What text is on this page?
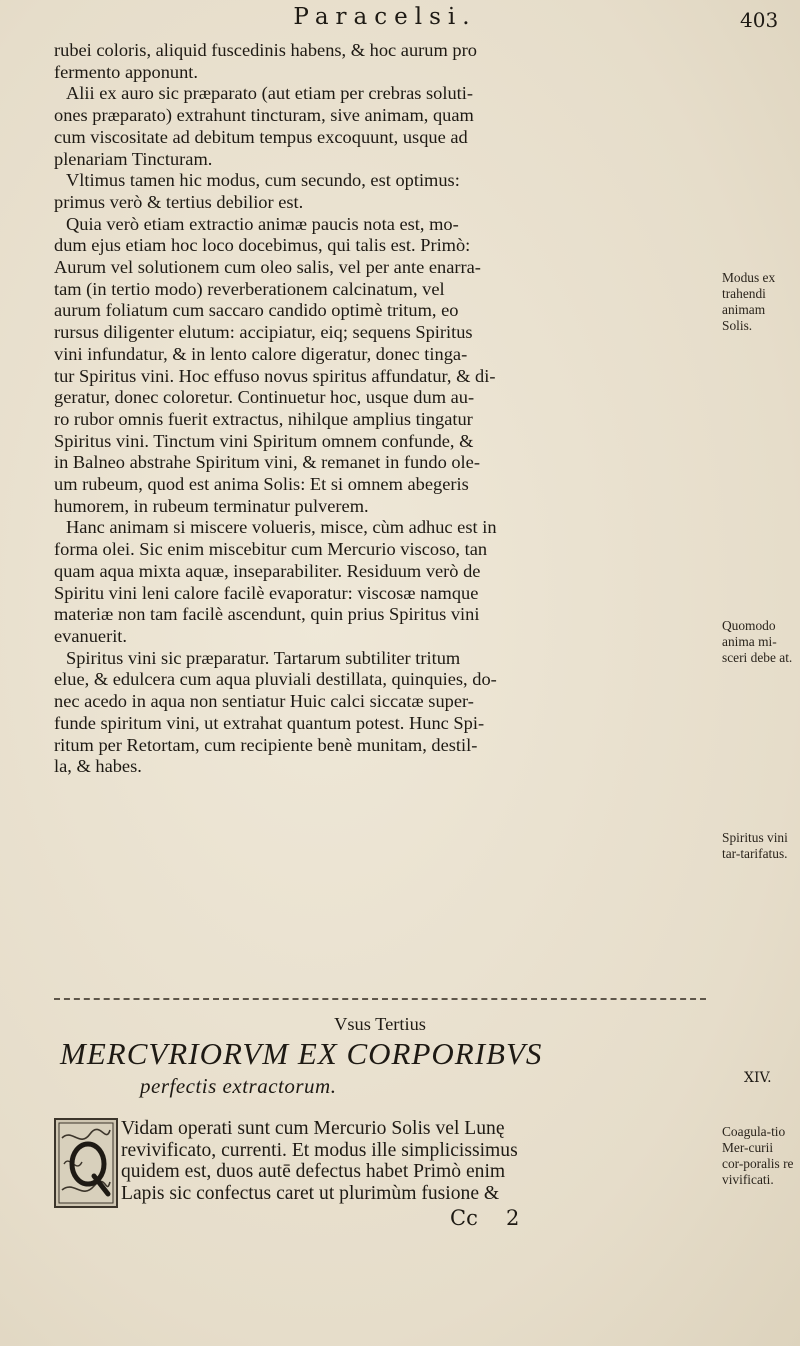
Paracelsi.	403

rubei coloris, aliquid fuscedinis habens, & hoc aurum pro

fermento apponunt.

Alii ex auro sic præparato (aut etiam per crebras soluti-

ones præparato) extrahunt tincturam, sive animam, quam

cum viscositate ad debitum tempus excoquunt, usque ad

plenariam Tincturam.

Vltimus tamen hic modus, cum secundo, est optimus:

primus verò & tertius debilior est.

Quia verò etiam extractio animæ paucis nota est, mo-

dum ejus etiam hoc loco docebimus, qui talis est. Primò:

Aurum vel solutionem cum oleo salis, vel per ante enarra-

tam (in tertio modo) reverberationem calcinatum, vel

aurum foliatum cum saccaro candido optimè tritum, eo

rursus diligenter elutum: accipiatur, eiq; sequens Spiritus

vini infundatur, & in lento calore digeratur, donec tinga-

tur Spiritus vini. Hoc effuso novus spiritus affundatur, & di-

geratur, donec coloretur. Continuetur hoc, usque dum au-

ro rubor omnis fuerit extractus, nihilque amplius tingatur

Spiritus vini. Tinctum vini Spiritum omnem confunde, &

in Balneo abstrahe Spiritum vini, & remanet in fundo ole-

um rubeum, quod est anima Solis: Et si omnem abegeris

humorem, in rubeum terminatur pulverem.

Hanc animam si miscere volueris, misce, cùm adhuc est in

forma olei. Sic enim miscebitur cum Mercurio viscoso, tan

quam aqua mixta aquæ, inseparabiliter. Residuum verò de

Spiritu vini leni calore facilè evaporatur: viscosæ namque

materiæ non tam facilè ascendunt, quin prius Spiritus vini

evanuerit.

Spiritus vini sic præparatur. Tartarum subtiliter tritum

elue, & edulcera cum aqua pluviali destillata, quinquies, do-

nec acedo in aqua non sentiatur Huic calci siccatæ super-

funde spiritum vini, ut extrahat quantum potest. Hunc Spi-

ritum per Retortam, cum recipiente benè munitam, destil-

la, & habes.

Modus ex trahendi animam Solis.
Quomodo anima mi-sceri debe at.
Spiritus vini tar-tarifatus.
Coagula-tio Mer-curii cor-poralis re vivificati.
Vsus Tertius
MERCVRIORVM EX CORPORIBVS
perfectis extractorum.	XIV.

Vidam operati sunt cum Mercurio Solis vel Lunę

revivificato, currenti. Et modus ille simplicissimus

quidem est, duos autē defectus habet Primò enim

Lapis sic confectus caret ut plurimùm fusione &

Cc 2
